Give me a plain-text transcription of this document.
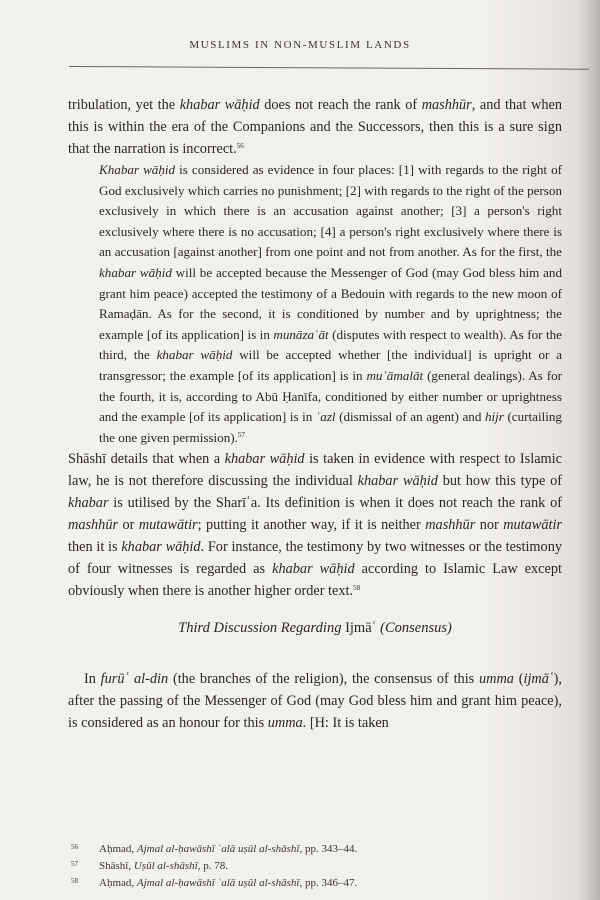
MUSLIMS IN NON-MUSLIM LANDS

tribulation, yet the khabar wāḥid does not reach the rank of mashhūr, and that when this is within the era of the Companions and the Successors, then this is a sure sign that the narration is incorrect.$^{56}$

Khabar wāḥid is considered as evidence in four places: [1] with regards to the right of God exclusively which carries no punishment; [2] with regards to the right of the person exclusively in which there is an accusation against another; [3] a person's right exclusively where there is no accusation; [4] a person's right exclusively where there is an accusation [against another] from one point and not from another. As for the first, the khabar wāḥid will be accepted because the Messenger of God (may God bless him and grant him peace) accepted the testimony of a Bedouin with regards to the new moon of Ramaḍān. As for the second, it is conditioned by number and by uprightness; the example [of its application] is in munāzaʿāt (disputes with respect to wealth). As for the third, the khabar wāḥid will be accepted whether [the individual] is upright or a transgressor; the example [of its application] is in muʿāmalāt (general dealings). As for the fourth, it is, according to Abū Ḥanīfa, conditioned by either number or uprightness and the example [of its application] is in ʿazl (dismissal of an agent) and hijr (curtailing the one given permission).$^{57}$

Shāshī details that when a khabar wāḥid is taken in evidence with respect to Islamic law, he is not therefore discussing the individual khabar wāḥid but how this type of khabar is utilised by the Sharīʿa. Its definition is when it does not reach the rank of mashhūr or mutawātir; putting it another way, if it is neither mashhūr nor mutawātir then it is khabar wāḥid. For instance, the testimony by two witnesses or the testimony of four witnesses is regarded as khabar wāḥid according to Islamic Law except obviously when there is another higher order text.$^{58}$

Third Discussion Regarding Ijmāʿ (Consensus)

In furūʿ al-din (the branches of the religion), the consensus of this umma (ijmāʿ), after the passing of the Messenger of God (may God bless him and grant him peace), is considered as an honour for this umma. [H: It is taken

56 Aḥmad, Ajmal al-ḥawāshī ʿalā uṣūl al-shāshī, pp. 343–44.
57 Shāshī, Uṣūl al-shāshī, p. 78.
58 Aḥmad, Ajmal al-ḥawāshī ʿalā uṣūl al-shāshī, pp. 346–47.
